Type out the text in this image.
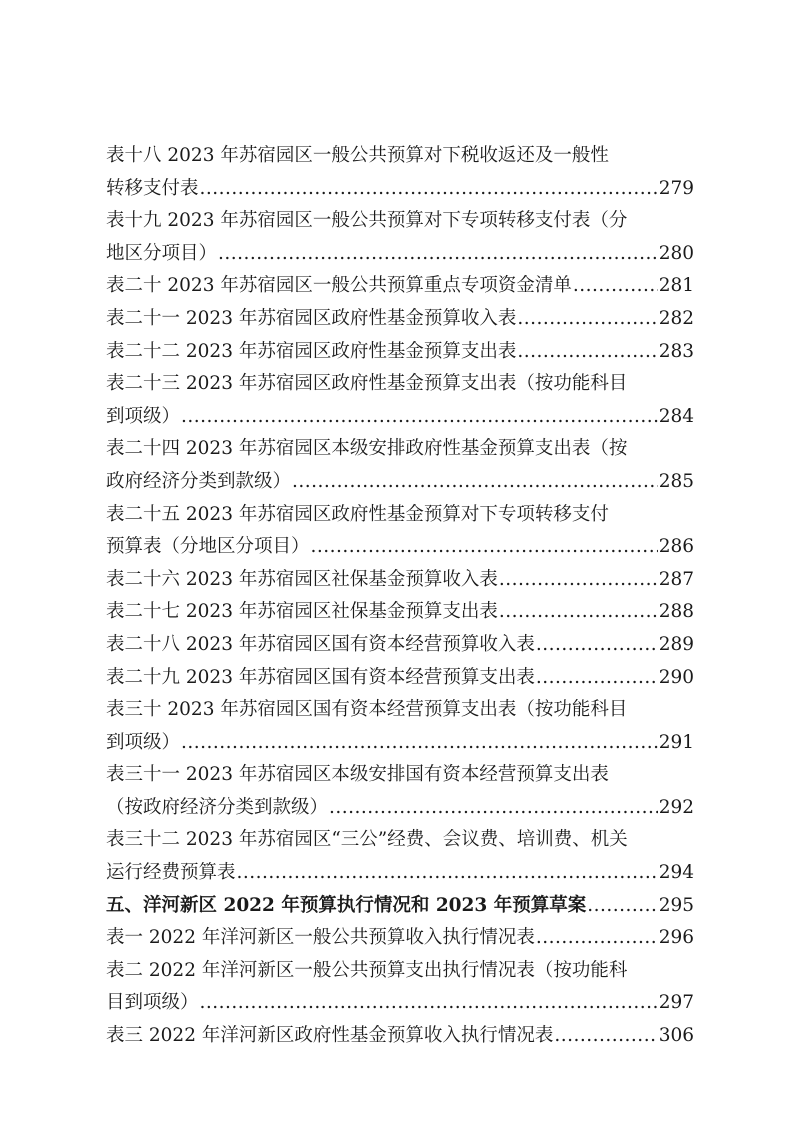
表十八 2023 年苏宿园区一般公共预算对下税收返还及一般性
转移支付表 .....	279
表十九 2023 年苏宿园区一般公共预算对下专项转移支付表（分
地区分项目） .....	280
表二十 2023 年苏宿园区一般公共预算重点专项资金清单 .....	281
表二十一 2023 年苏宿园区政府性基金预算收入表 .....	282
表二十二 2023 年苏宿园区政府性基金预算支出表 .....	283
表二十三 2023 年苏宿园区政府性基金预算支出表（按功能科目
到项级） .....	284
表二十四 2023 年苏宿园区本级安排政府性基金预算支出表（按
政府经济分类到款级） .....	285
表二十五 2023 年苏宿园区政府性基金预算对下专项转移支付
预算表（分地区分项目） .....	286
表二十六 2023 年苏宿园区社保基金预算收入表 .....	287
表二十七 2023 年苏宿园区社保基金预算支出表 .....	288
表二十八 2023 年苏宿园区国有资本经营预算收入表 .....	289
表二十九 2023 年苏宿园区国有资本经营预算支出表 .....	290
表三十 2023 年苏宿园区国有资本经营预算支出表（按功能科目
到项级） .....	291
表三十一 2023 年苏宿园区本级安排国有资本经营预算支出表
（按政府经济分类到款级） .....	292
表三十二 2023 年苏宿园区“三公”经费、会议费、培训费、机关
运行经费预算表 .....	294
五、洋河新区 2022 年预算执行情况和 2023 年预算草案 .....	295
表一 2022 年洋河新区一般公共预算收入执行情况表 .....	296
表二 2022 年洋河新区一般公共预算支出执行情况表（按功能科
目到项级） .....	297
表三 2022 年洋河新区政府性基金预算收入执行情况表 .....	306
